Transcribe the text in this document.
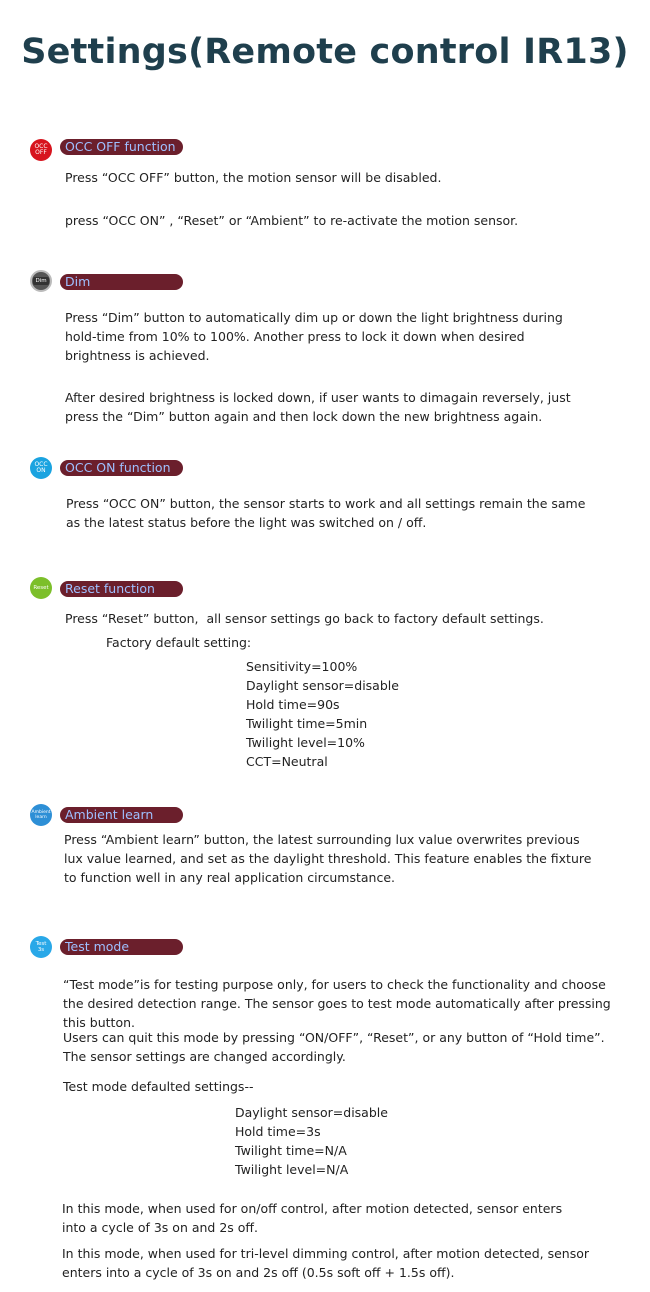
Settings(Remote control IR13)
OCC
OFF	OCC OFF function
Press “OCC OFF” button, the motion sensor will be disabled.
press “OCC ON” , “Reset” or “Ambient” to re-activate the motion sensor.
Dim	Dim
Press “Dim” button to automatically dim up or down the light brightness during
hold-time from 10% to 100%. Another press to lock it down when desired
brightness is achieved.
After desired brightness is locked down, if user wants to dimagain reversely, just
press the “Dim” button again and then lock down the new brightness again.
OCC
ON	OCC ON function
Press “OCC ON” button, the sensor starts to work and all settings remain the same
as the latest status before the light was switched on / off.
Reset	Reset function
Press “Reset” button,  all sensor settings go back to factory default settings.
Factory default setting:
Sensitivity=100%
Daylight sensor=disable
Hold time=90s
Twilight time=5min
Twilight level=10%
CCT=Neutral
Ambient
learn	Ambient learn
Press “Ambient learn” button, the latest surrounding lux value overwrites previous
lux value learned, and set as the daylight threshold. This feature enables the fixture
to function well in any real application circumstance.
Test
3s	Test mode
“Test mode”is for testing purpose only, for users to check the functionality and choose
the desired detection range. The sensor goes to test mode automatically after pressing
this button.
Users can quit this mode by pressing “ON/OFF”, “Reset”, or any button of “Hold time”.
The sensor settings are changed accordingly.
Test mode defaulted settings--
Daylight sensor=disable
Hold time=3s
Twilight time=N/A
Twilight level=N/A
In this mode, when used for on/off control, after motion detected, sensor enters
into a cycle of 3s on and 2s off.
In this mode, when used for tri-level dimming control, after motion detected, sensor
enters into a cycle of 3s on and 2s off (0.5s soft off + 1.5s off).
